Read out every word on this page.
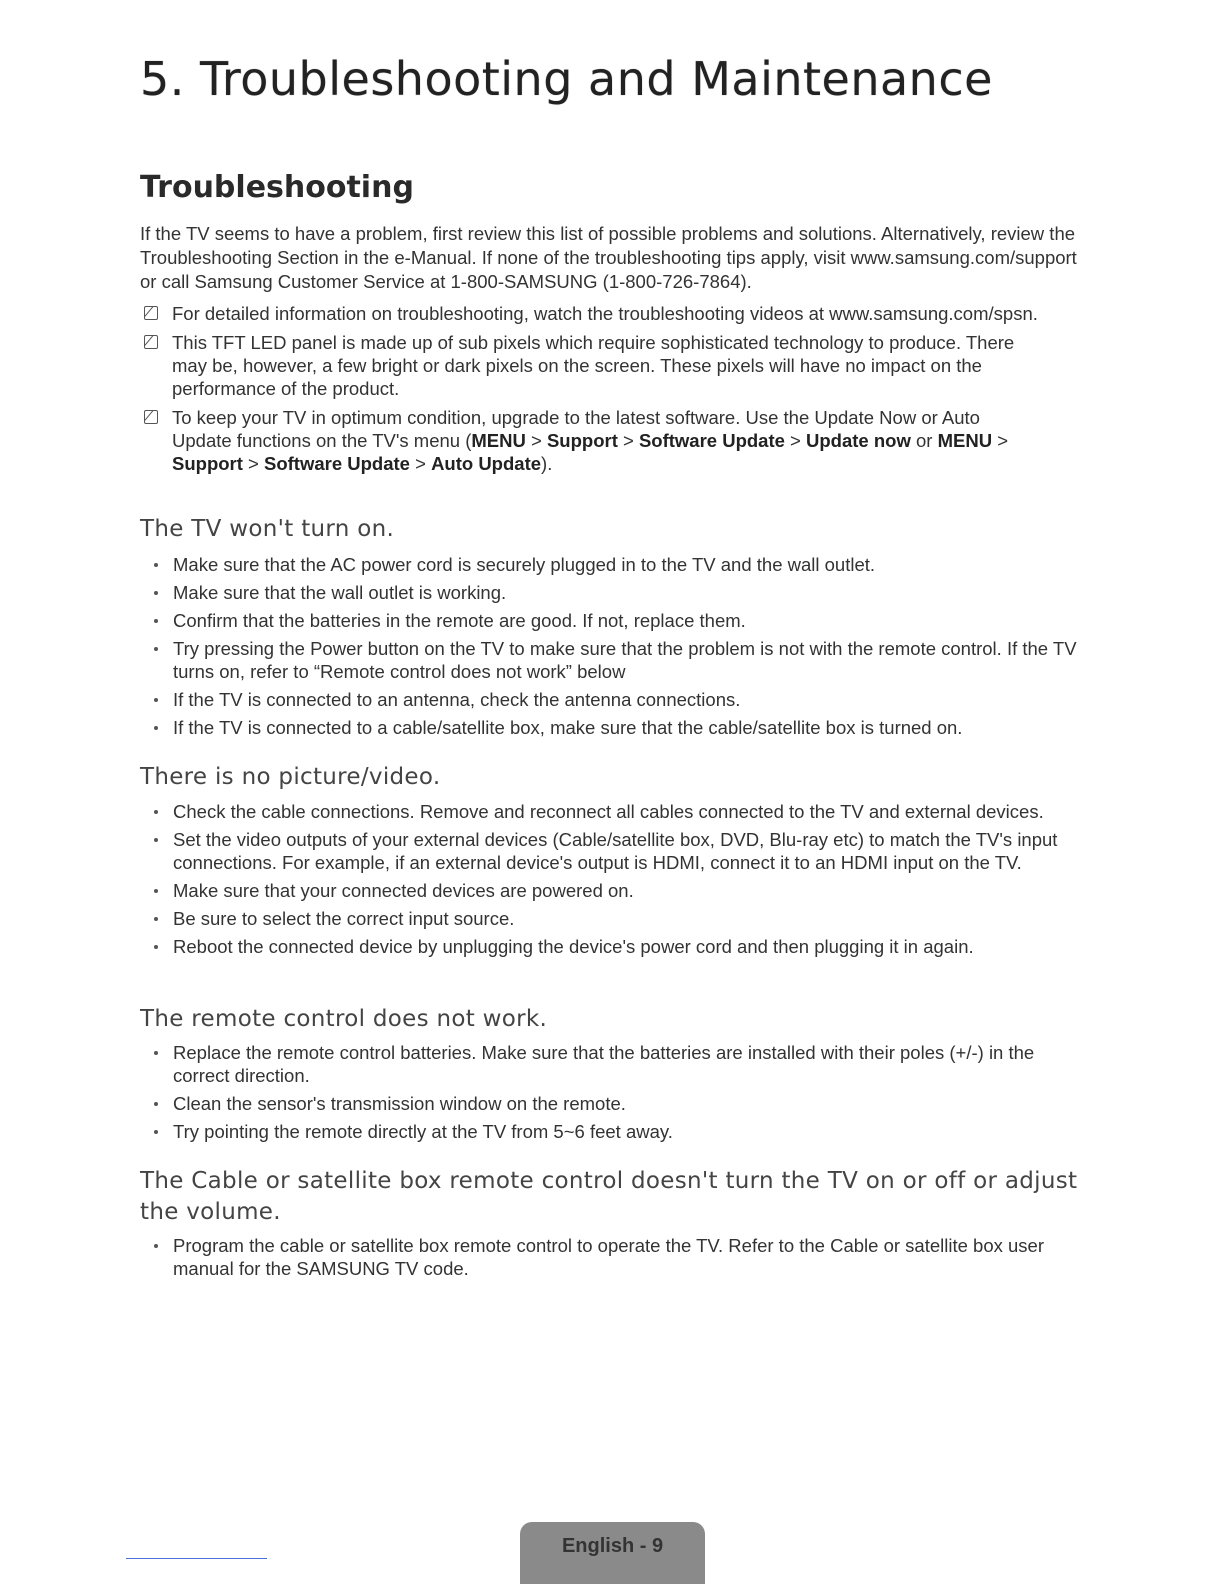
5. Troubleshooting and Maintenance
Troubleshooting

If the TV seems to have a problem, first review this list of possible problems and solutions. Alternatively, review the Troubleshooting Section in the e-Manual. If none of the troubleshooting tips apply, visit www.samsung.com/support or call Samsung Customer Service at 1-800-SAMSUNG (1-800-726-7864).

For detailed information on troubleshooting, watch the troubleshooting videos at www.samsung.com/spsn.
This TFT LED panel is made up of sub pixels which require sophisticated technology to produce. There may be, however, a few bright or dark pixels on the screen. These pixels will have no impact on the performance of the product.
To keep your TV in optimum condition, upgrade to the latest software. Use the Update Now or Auto Update functions on the TV's menu (MENU > Support > Software Update > Update now or MENU > Support > Software Update > Auto Update).
The TV won't turn on.
Make sure that the AC power cord is securely plugged in to the TV and the wall outlet.
Make sure that the wall outlet is working.
Confirm that the batteries in the remote are good. If not, replace them.
Try pressing the Power button on the TV to make sure that the problem is not with the remote control. If the TV turns on, refer to “Remote control does not work” below
If the TV is connected to an antenna, check the antenna connections.
If the TV is connected to a cable/satellite box, make sure that the cable/satellite box is turned on.
There is no picture/video.
Check the cable connections. Remove and reconnect all cables connected to the TV and external devices.
Set the video outputs of your external devices (Cable/satellite box, DVD, Blu-ray etc) to match the TV's input connections. For example, if an external device's output is HDMI, connect it to an HDMI input on the TV.
Make sure that your connected devices are powered on.
Be sure to select the correct input source.
Reboot the connected device by unplugging the device's power cord and then plugging it in again.
The remote control does not work.
Replace the remote control batteries. Make sure that the batteries are installed with their poles (+/-) in the correct direction.
Clean the sensor's transmission window on the remote.
Try pointing the remote directly at the TV from 5~6 feet away.
The Cable or satellite box remote control doesn't turn the TV on or off or adjust the volume.
Program the cable or satellite box remote control to operate the TV. Refer to the Cable or satellite box user manual for the SAMSUNG TV code.
English - 9
